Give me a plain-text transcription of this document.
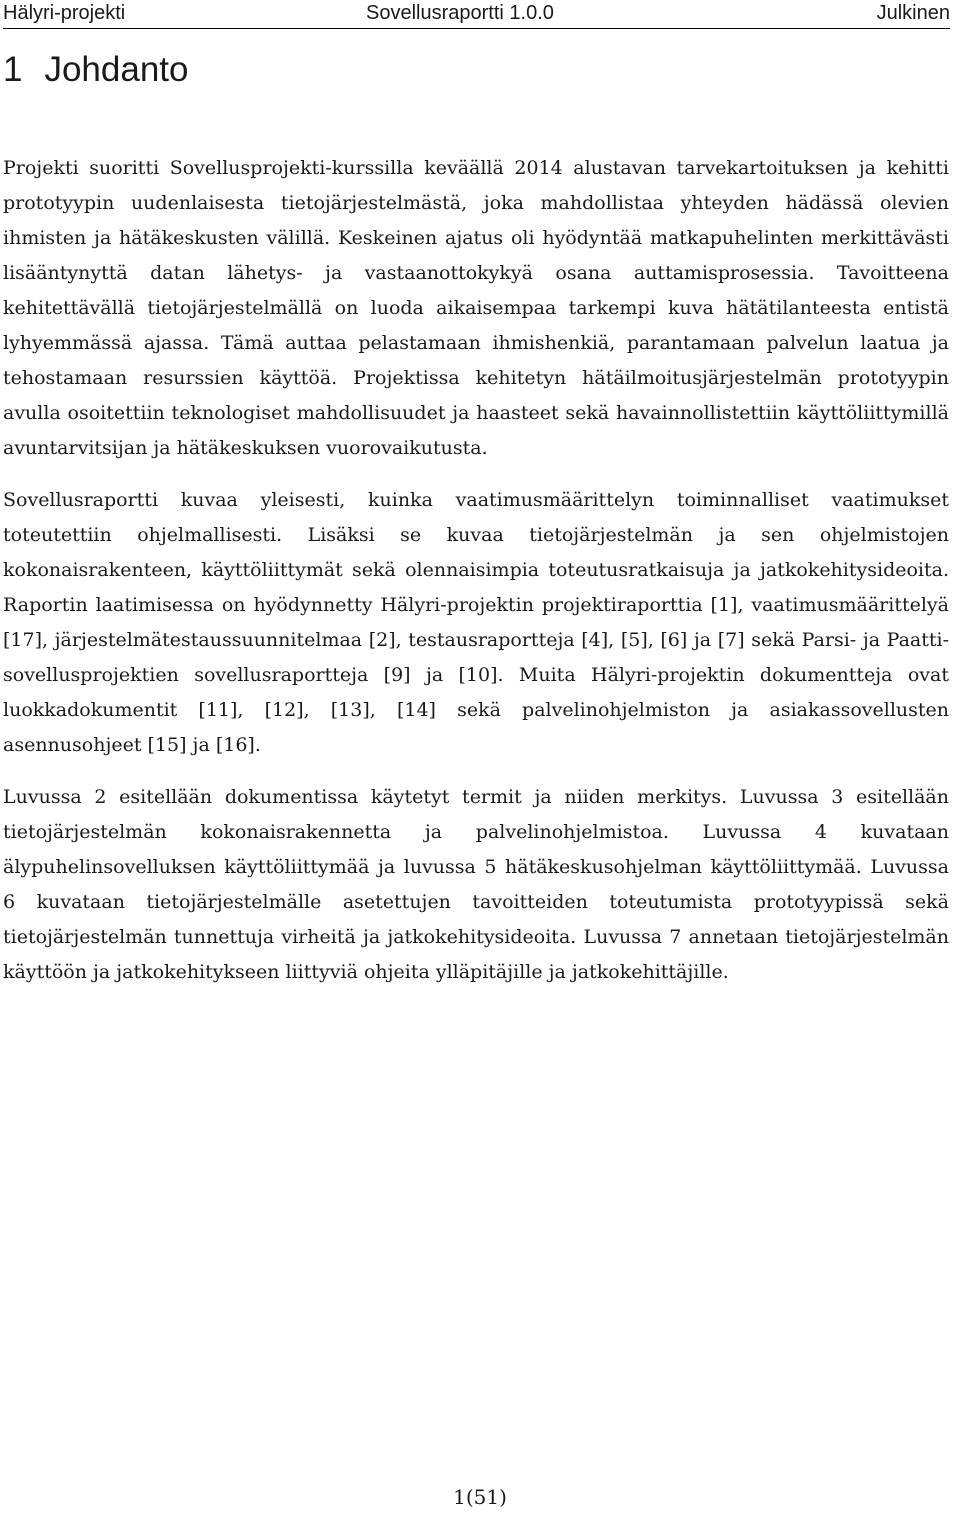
Hälyri-projekti	Sovellusraportti 1.0.0	Julkinen
1 Johdanto

Projekti suoritti Sovellusprojekti-kurssilla keväällä 2014 alustavan tarvekartoituksen ja kehitti prototyypin uudenlaisesta tietojärjestelmästä, joka mahdollistaa yhteyden hädässä olevien ihmisten ja hätäkeskusten välillä. Keskeinen ajatus oli hyödyntää matkapuhelinten merkittävästi lisääntynyttä datan lähetys- ja vastaanottokykyä osana auttamisprosessia. Tavoitteena kehitettävällä tietojärjestelmällä on luoda aikaisempaa tarkempi kuva hätätilanteesta entistä lyhyemmässä ajassa. Tämä auttaa pelastamaan ihmishenkiä, parantamaan palvelun laatua ja tehostamaan resurssien käyttöä. Projektissa kehitetyn hätäilmoitusjärjestelmän prototyypin avulla osoitettiin teknologiset mahdollisuudet ja haasteet sekä havainnollistettiin käyttöliittymillä avuntarvitsijan ja hätäkeskuksen vuorovaikutusta.

Sovellusraportti kuvaa yleisesti, kuinka vaatimusmäärittelyn toiminnalliset vaatimukset toteutettiin ohjelmallisesti. Lisäksi se kuvaa tietojärjestelmän ja sen ohjelmistojen kokonaisrakenteen, käyttöliittymät sekä olennaisimpia toteutusratkaisuja ja jatkokehitysideoita. Raportin laatimisessa on hyödynnetty Hälyri-projektin projektiraporttia [1], vaatimusmäärittelyä [17], järjestelmätestaussuunnitelmaa [2], testausraportteja [4], [5], [6] ja [7] sekä Parsi- ja Paatti-sovellusprojektien sovellusraportteja [9] ja [10]. Muita Hälyri-projektin dokumentteja ovat luokkadokumentit [11], [12], [13], [14] sekä palvelinohjelmiston ja asiakassovellusten asennusohjeet [15] ja [16].

Luvussa 2 esitellään dokumentissa käytetyt termit ja niiden merkitys. Luvussa 3 esitellään tietojärjestelmän kokonaisrakennetta ja palvelinohjelmistoa. Luvussa 4 kuvataan älypuhelinsovelluksen käyttöliittymää ja luvussa 5 hätäkeskusohjelman käyttöliittymää. Luvussa 6 kuvataan tietojärjestelmälle asetettujen tavoitteiden toteutumista prototyypissä sekä tietojärjestelmän tunnettuja virheitä ja jatkokehitysideoita. Luvussa 7 annetaan tietojärjestelmän käyttöön ja jatkokehitykseen liittyviä ohjeita ylläpitäjille ja jatkokehittäjille.

1(51)
